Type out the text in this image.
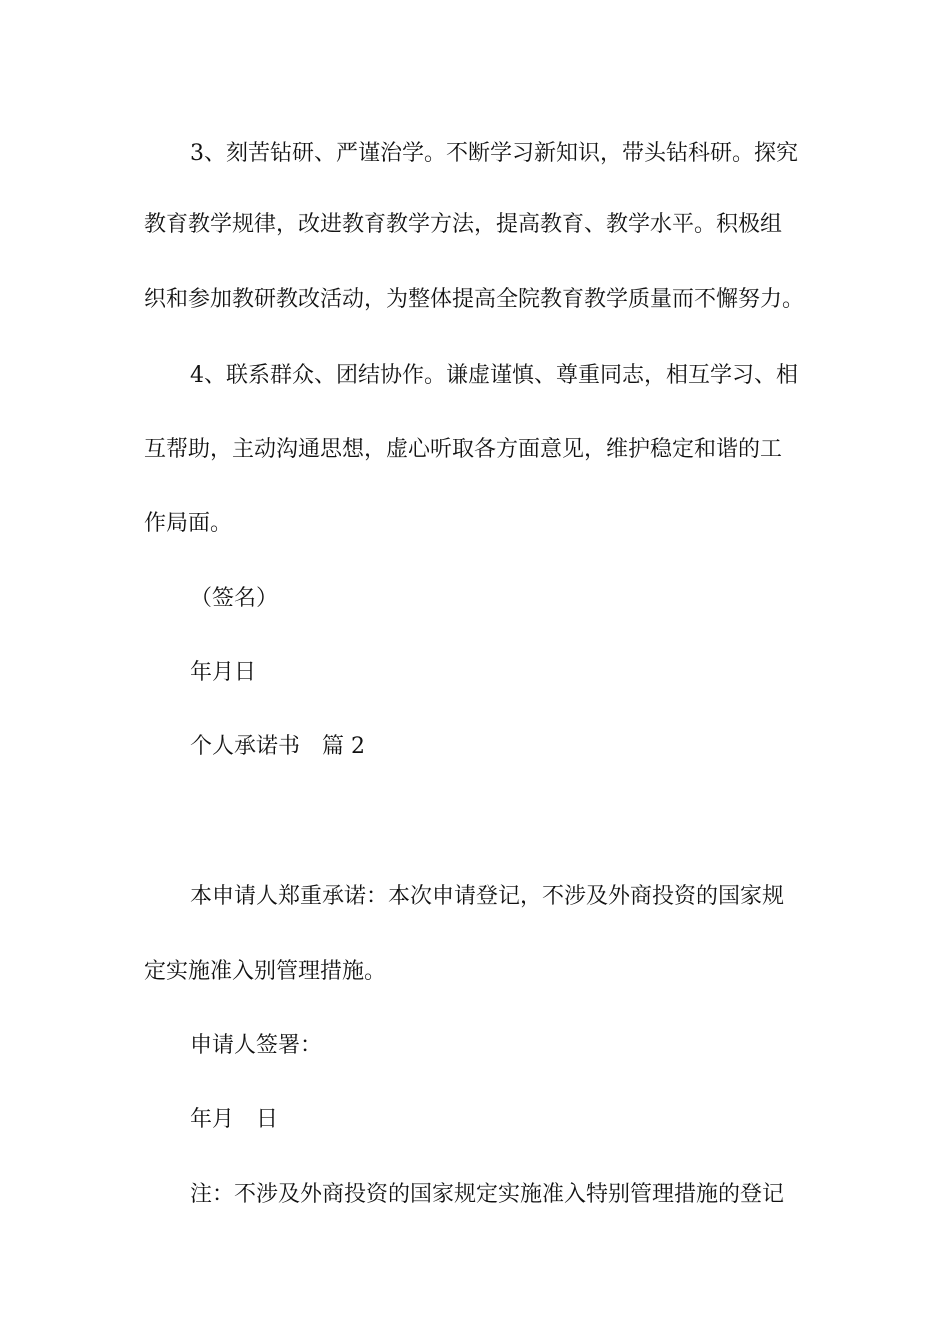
3、刻苦钻研、严谨治学。不断学习新知识，带头钻科研。探究
教育教学规律，改进教育教学方法，提高教育、教学水平。积极组
织和参加教研教改活动，为整体提高全院教育教学质量而不懈努力。
4、联系群众、团结协作。谦虚谨慎、尊重同志，相互学习、相
互帮助，主动沟通思想，虚心听取各方面意见，维护稳定和谐的工
作局面。
（签名）
年月日
个人承诺书 篇 2
本申请人郑重承诺：本次申请登记，不涉及外商投资的国家规
定实施准入别管理措施。
申请人签署：
年月 日
注：不涉及外商投资的国家规定实施准入特别管理措施的登记
